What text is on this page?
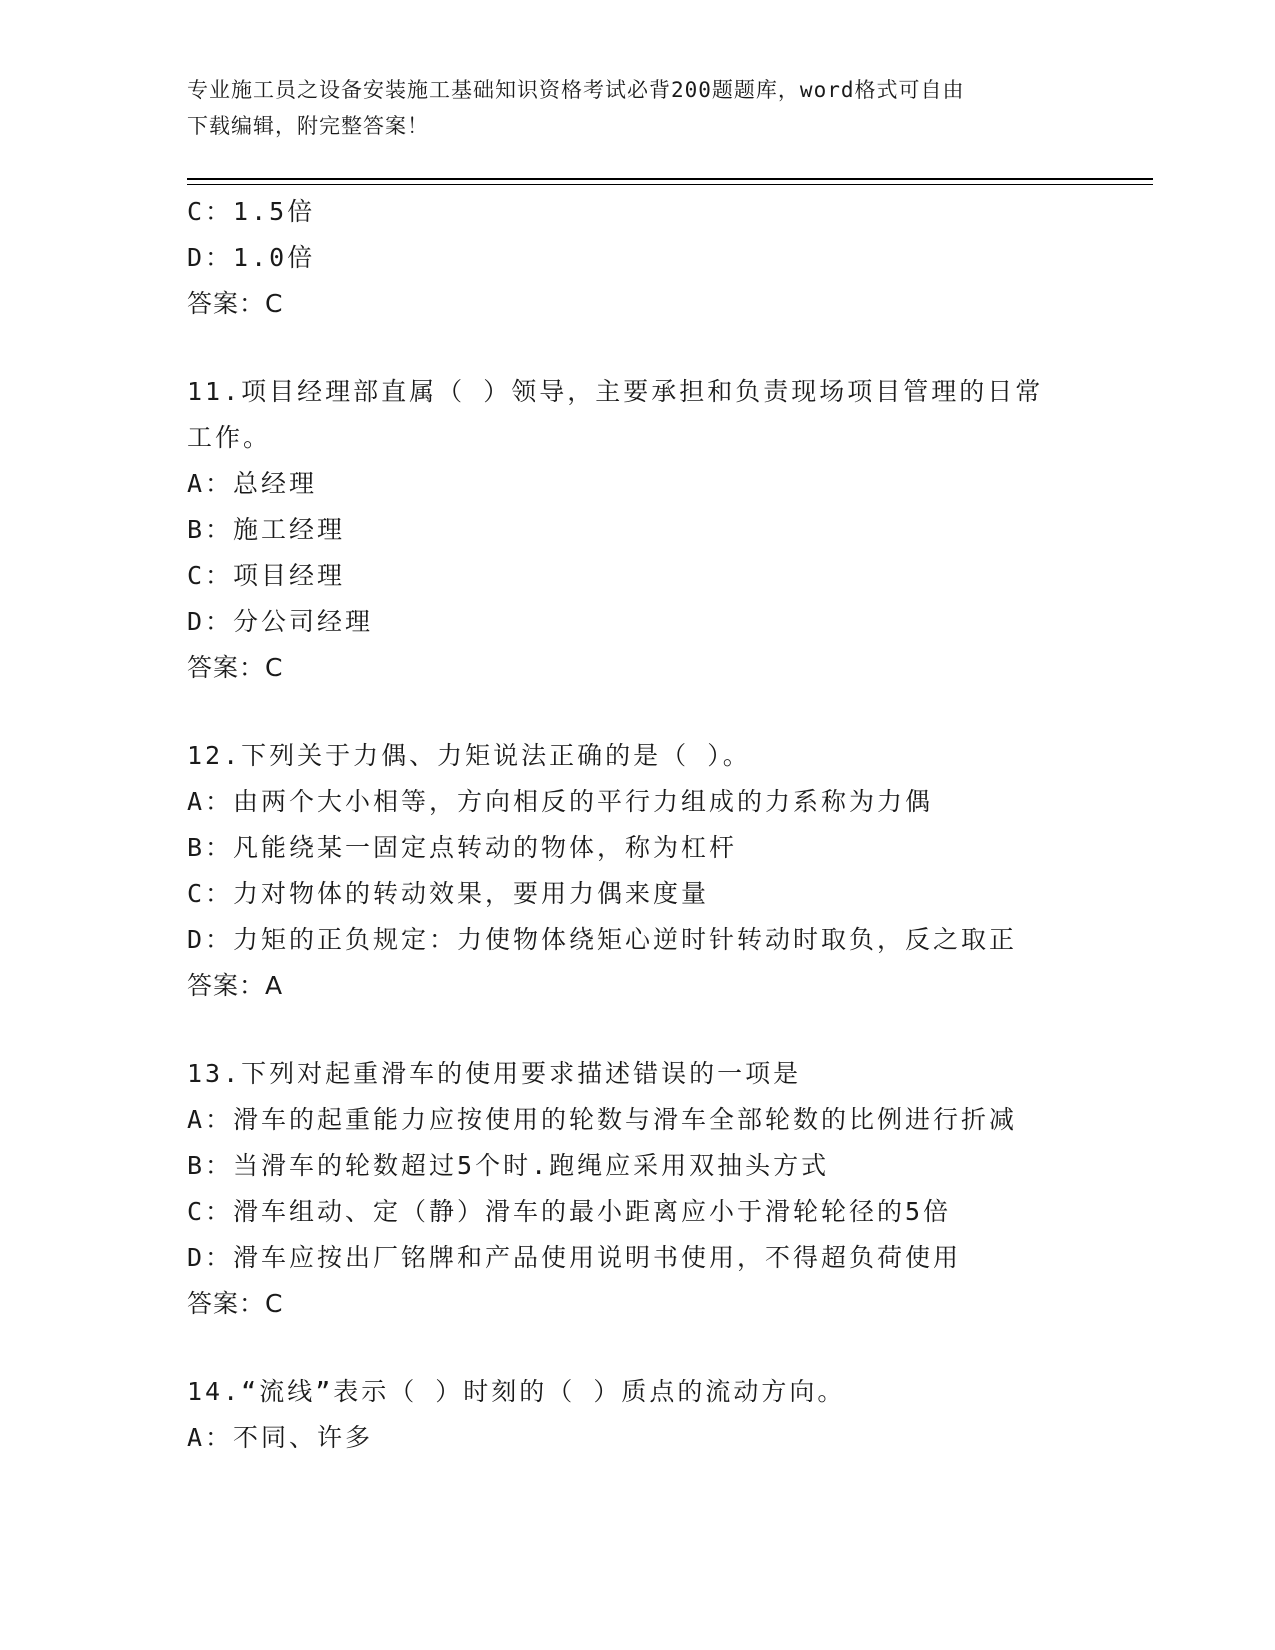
专业施工员之设备安装施工基础知识资格考试必背200题题库，word格式可自由
下载编辑，附完整答案！
C：1.5倍
D：1.0倍
答案：C
11.项目经理部直属（ ）领导，主要承担和负责现场项目管理的日常
工作。
A：总经理
B：施工经理
C：项目经理
D：分公司经理
答案：C
12.下列关于力偶、力矩说法正确的是（ ）。
A：由两个大小相等，方向相反的平行力组成的力系称为力偶
B：凡能绕某一固定点转动的物体，称为杠杆
C：力对物体的转动效果，要用力偶来度量
D：力矩的正负规定：力使物体绕矩心逆时针转动时取负，反之取正
答案：A
13.下列对起重滑车的使用要求描述错误的一项是
A：滑车的起重能力应按使用的轮数与滑车全部轮数的比例进行折减
B：当滑车的轮数超过5个时.跑绳应采用双抽头方式
C：滑车组动、定（静）滑车的最小距离应小于滑轮轮径的5倍
D：滑车应按出厂铭牌和产品使用说明书使用，不得超负荷使用
答案：C
14.“流线”表示（ ）时刻的（ ）质点的流动方向。
A：不同、许多
